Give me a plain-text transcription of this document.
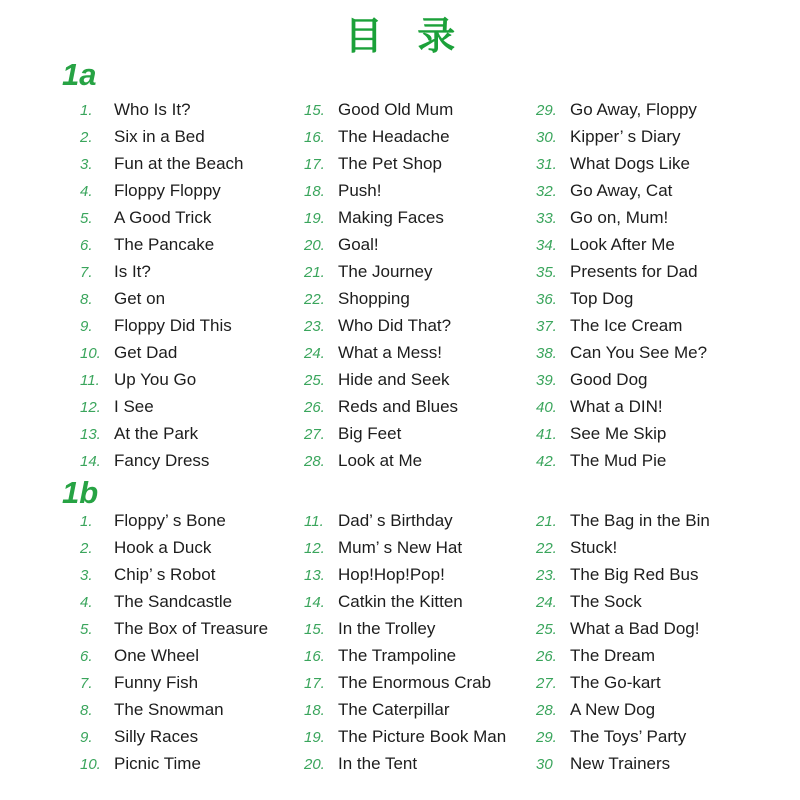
目 录
1a
1.	Who Is It?
2.	Six in a Bed
3.	Fun at the Beach
4.	Floppy Floppy
5.	A Good Trick
6.	The Pancake
7.	Is It?
8.	Get on
9.	Floppy Did This
10. Get Dad
11. Up You Go
12. I See
13. At the Park
14. Fancy Dress
15. Good Old Mum
16. The Headache
17. The Pet Shop
18. Push!
19. Making Faces
20. Goal!
21. The Journey
22. Shopping
23. Who Did That?
24. What a Mess!
25. Hide and Seek
26. Reds and Blues
27. Big Feet
28. Look at Me
29. Go Away, Floppy
30. Kipper’ s Diary
31. What Dogs Like
32. Go Away, Cat
33. Go on, Mum!
34. Look After Me
35. Presents for Dad
36. Top Dog
37. The Ice Cream
38. Can You See Me?
39. Good Dog
40. What a DIN!
41. See Me Skip
42. The Mud Pie
1b
1.	Floppy’ s Bone
2.	Hook a Duck
3.	Chip’ s Robot
4.	The Sandcastle
5.	The Box of Treasure
6.	One Wheel
7.	Funny Fish
8.	The Snowman
9.	Silly Races
10. Picnic Time
11. Dad’ s Birthday
12. Mum’ s New Hat
13. Hop!Hop!Pop!
14. Catkin the Kitten
15. In the Trolley
16. The Trampoline
17. The Enormous Crab
18. The Caterpillar
19. The Picture Book Man
20. In the Tent
21. The Bag in the Bin
22. Stuck!
23. The Big Red Bus
24. The Sock
25. What a Bad Dog!
26. The Dream
27. The Go-kart
28. A New Dog
29. The Toys’ Party
30	New Trainers
